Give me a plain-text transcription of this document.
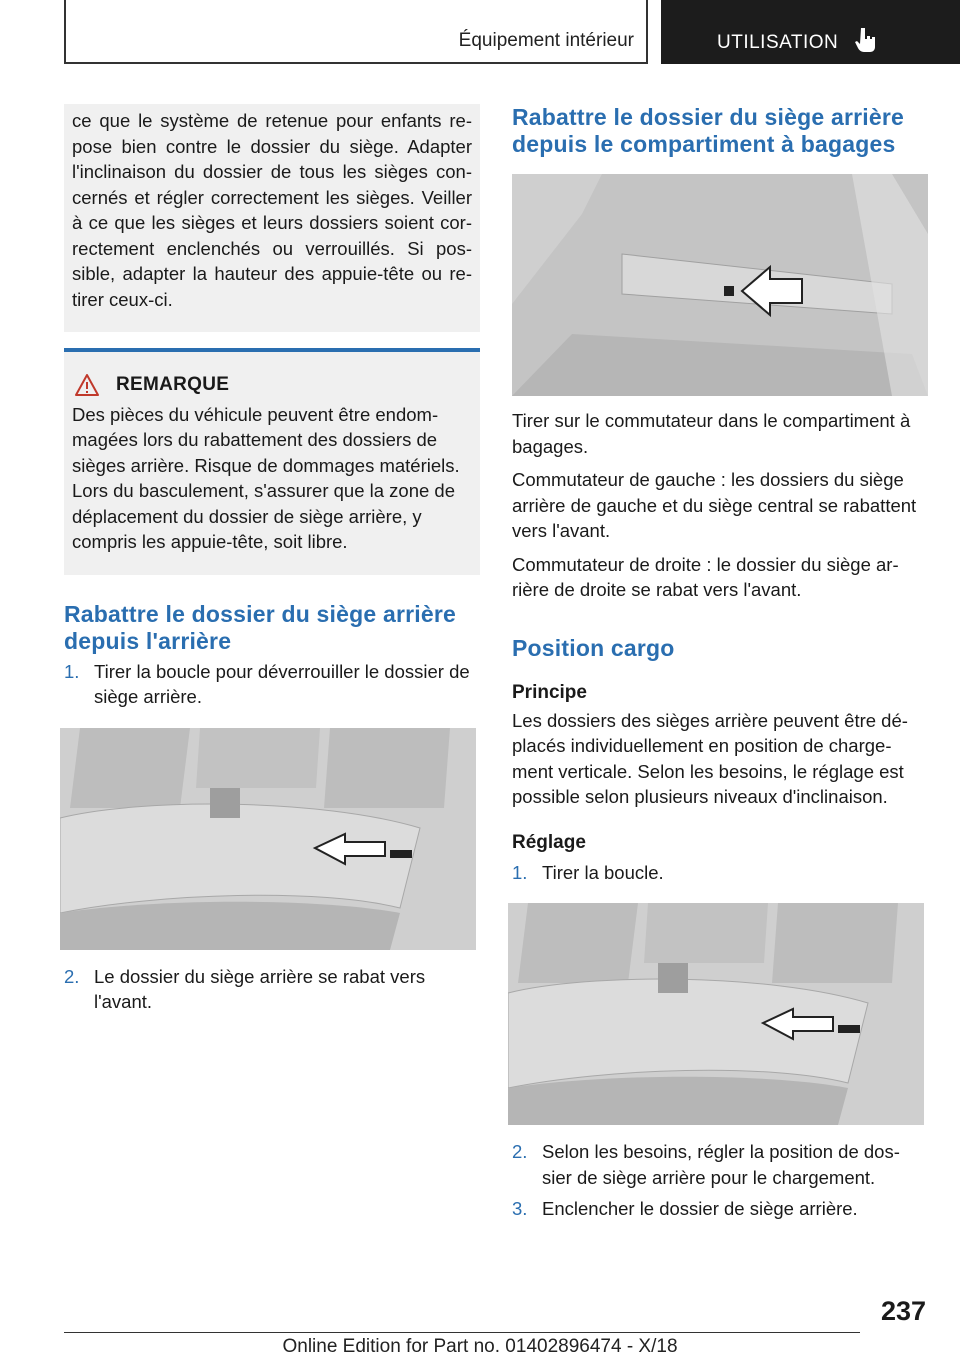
Équipement intérieur	UTILISATION

ce que le système de retenue pour enfants re-pose bien contre le dossier du siège. Adapter l'inclinaison du dossier de tous les sièges con-cernés et régler correctement les sièges. Veiller à ce que les sièges et leurs dossiers soient cor-rectement enclenchés ou verrouillés. Si pos-sible, adapter la hauteur des appuie-tête ou re-tirer ceux-ci.

REMARQUE

Des pièces du véhicule peuvent être endom-magées lors du rabattement des dossiers de sièges arrière. Risque de dommages matériels. Lors du basculement, s'assurer que la zone de déplacement du dossier de siège arrière, y compris les appuie-tête, soit libre.

Rabattre le dossier du siège arrière depuis l'arrière
1. Tirer la boucle pour déverrouiller le dossier de siège arrière.
2. Le dossier du siège arrière se rabat vers l'avant.
Rabattre le dossier du siège arrière depuis le compartiment à bagages

Tirer sur le commutateur dans le compartiment à bagages.

Commutateur de gauche : les dossiers du siège arrière de gauche et du siège central se rabattent vers l'avant.

Commutateur de droite : le dossier du siège ar-rière de droite se rabat vers l'avant.

Position cargo
Principe

Les dossiers des sièges arrière peuvent être dé-placés individuellement en position de charge-ment verticale. Selon les besoins, le réglage est possible selon plusieurs niveaux d'inclinaison.

Réglage
1. Tirer la boucle.
2. Selon les besoins, régler la position de dos-sier de siège arrière pour le chargement.
3. Enclencher le dossier de siège arrière.
237
Online Edition for Part no. 01402896474 - X/18
